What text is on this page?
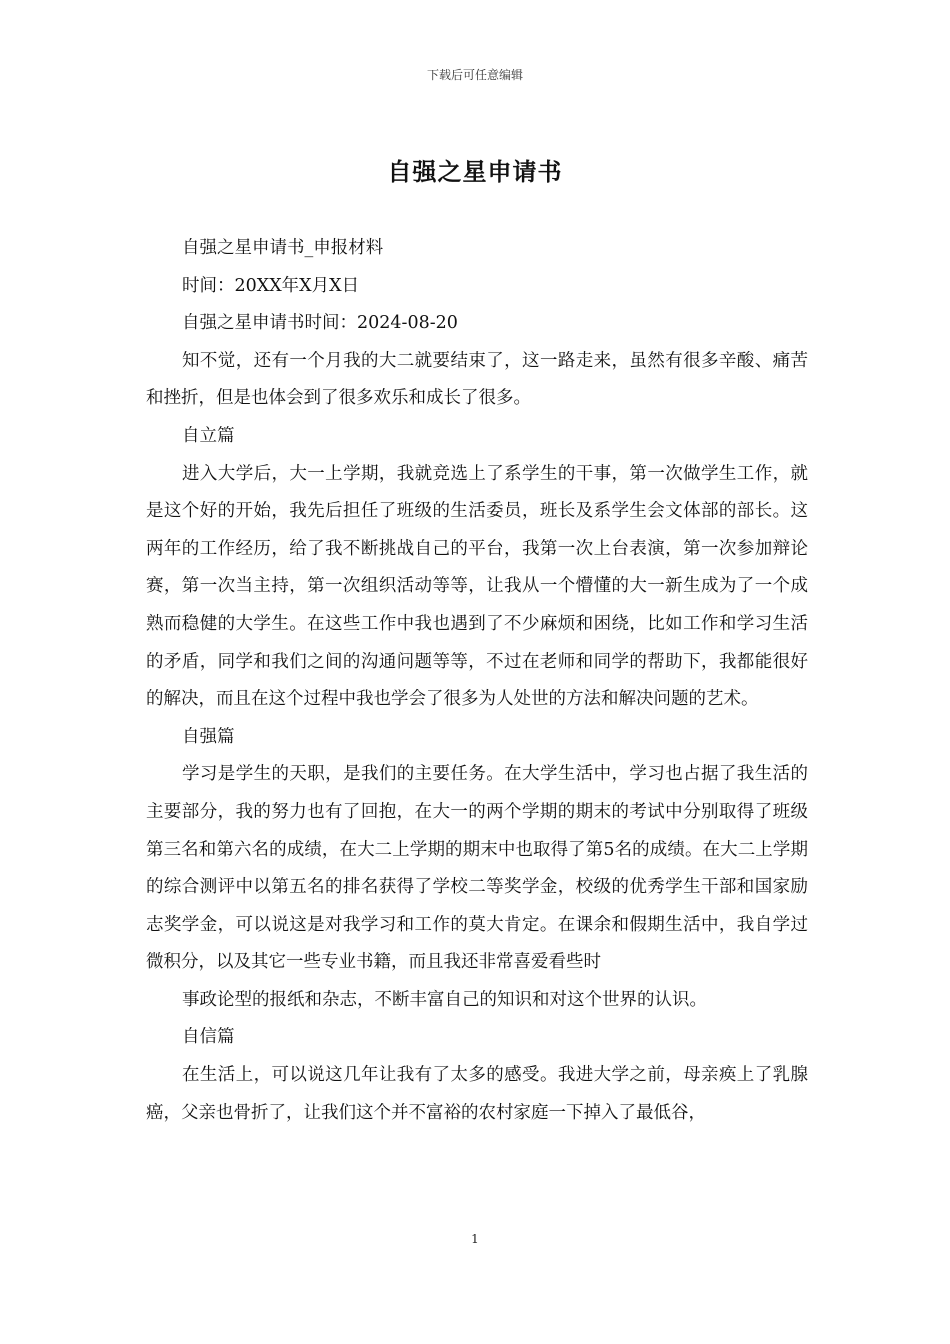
下载后可任意编辑
自强之星申请书

自强之星申请书_申报材料

时间：20XX年X月X日

自强之星申请书时间：2024-08-20

知不觉，还有一个月我的大二就要结束了，这一路走来，虽然有很多辛酸、痛苦和挫折，但是也体会到了很多欢乐和成长了很多。

自立篇

进入大学后，大一上学期，我就竞选上了系学生的干事，第一次做学生工作，就是这个好的开始，我先后担任了班级的生活委员，班长及系学生会文体部的部长。这两年的工作经历，给了我不断挑战自己的平台，我第一次上台表演，第一次参加辩论赛，第一次当主持，第一次组织活动等等，让我从一个懵懂的大一新生成为了一个成熟而稳健的大学生。在这些工作中我也遇到了不少麻烦和困绕，比如工作和学习生活的矛盾，同学和我们之间的沟通问题等等，不过在老师和同学的帮助下，我都能很好的解决，而且在这个过程中我也学会了很多为人处世的方法和解决问题的艺术。

自强篇

学习是学生的天职，是我们的主要任务。在大学生活中，学习也占据了我生活的主要部分，我的努力也有了回抱，在大一的两个学期的期末的考试中分别取得了班级第三名和第六名的成绩，在大二上学期的期末中也取得了第5名的成绩。在大二上学期的综合测评中以第五名的排名获得了学校二等奖学金，校级的优秀学生干部和国家励志奖学金，可以说这是对我学习和工作的莫大肯定。在课余和假期生活中，我自学过微积分，以及其它一些专业书籍，而且我还非常喜爱看些时

事政论型的报纸和杂志，不断丰富自己的知识和对这个世界的认识。

自信篇

在生活上，可以说这几年让我有了太多的感受。我进大学之前，母亲痪上了乳腺癌，父亲也骨折了，让我们这个并不富裕的农村家庭一下掉入了最低谷，

1
